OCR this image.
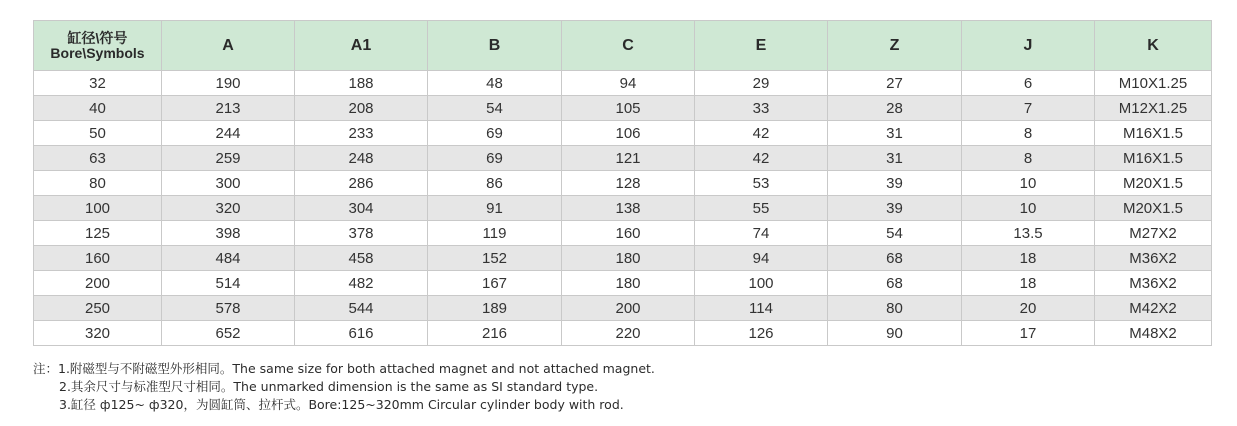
缸径\符号
Bore\Symbols	A	A1	B	C	E	Z	J	K
32	190	188	48	94	29	27	6	M10X1.25
40	213	208	54	105	33	28	7	M12X1.25
50	244	233	69	106	42	31	8	M16X1.5
63	259	248	69	121	42	31	8	M16X1.5
80	300	286	86	128	53	39	10	M20X1.5
100	320	304	91	138	55	39	10	M20X1.5
125	398	378	119	160	74	54	13.5	M27X2
160	484	458	152	180	94	68	18	M36X2
200	514	482	167	180	100	68	18	M36X2
250	578	544	189	200	114	80	20	M42X2
320	652	616	216	220	126	90	17	M48X2
注：1.附磁型与不附磁型外形相同。The same size for both attached magnet and not attached magnet.
2.其余尺寸与标准型尺寸相同。The unmarked dimension is the same as SI standard type.
3.缸径 ф125~ ф320，为圆缸筒、拉杆式。Bore:125~320mm Circular cylinder body with rod.
